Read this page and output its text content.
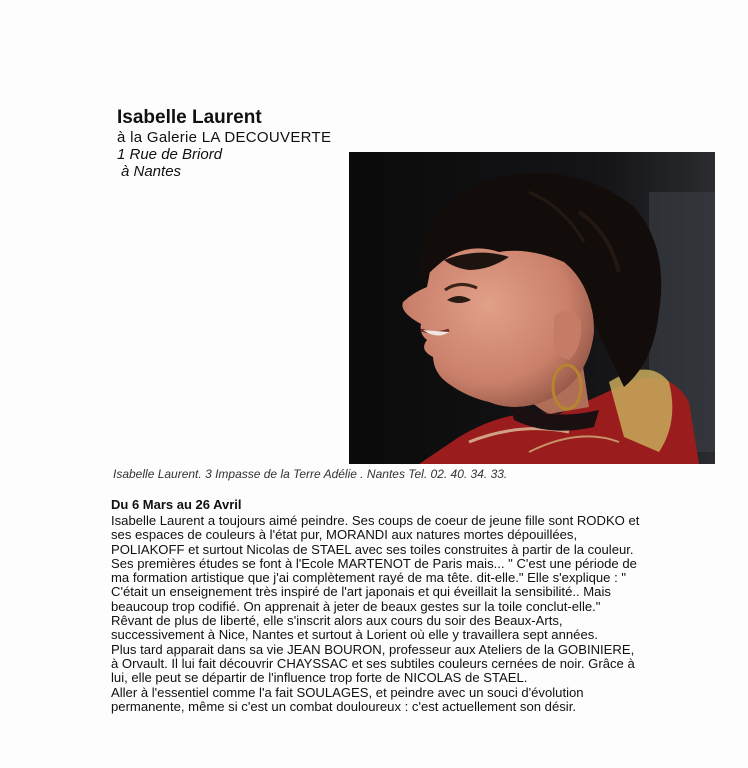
Isabelle Laurent
à la Galerie LA DECOUVERTE
1 Rue de Briord
à Nantes
Isabelle Laurent. 3 Impasse de la Terre Adélie . Nantes Tel. 02. 40. 34. 33.
Du 6 Mars au 26 Avril

Isabelle Laurent a toujours aimé peindre. Ses coups de coeur de jeune fille sont RODKO et ses espaces de couleurs à l'état pur, MORANDI aux natures mortes dépouillées, POLIAKOFF et surtout Nicolas de STAEL avec ses toiles construites à partir de la couleur.

Ses premières études se font à l'Ecole MARTENOT de Paris mais... " C'est une période de ma formation artistique que j'ai complètement rayé de ma tête. dit-elle." Elle s'explique : " C'était un enseignement très inspiré de l'art japonais et qui éveillait la sensibilité.. Mais beaucoup trop codifié. On apprenait à jeter de beaux gestes sur la toile conclut-elle."

Rêvant de plus de liberté, elle s'inscrit alors aux cours du soir des Beaux-Arts, successivement à Nice, Nantes et surtout à Lorient où elle y travaillera sept années.

Plus tard apparait dans sa vie JEAN BOURON, professeur aux Ateliers de la GOBINIERE, à Orvault. Il lui fait découvrir CHAYSSAC et ses subtiles couleurs cernées de noir. Grâce à lui, elle peut se départir de l'influence trop forte de NICOLAS de STAEL.

Aller à l'essentiel comme l'a fait SOULAGES, et peindre avec un souci d'évolution permanente, même si c'est un combat douloureux : c'est actuellement son désir.
